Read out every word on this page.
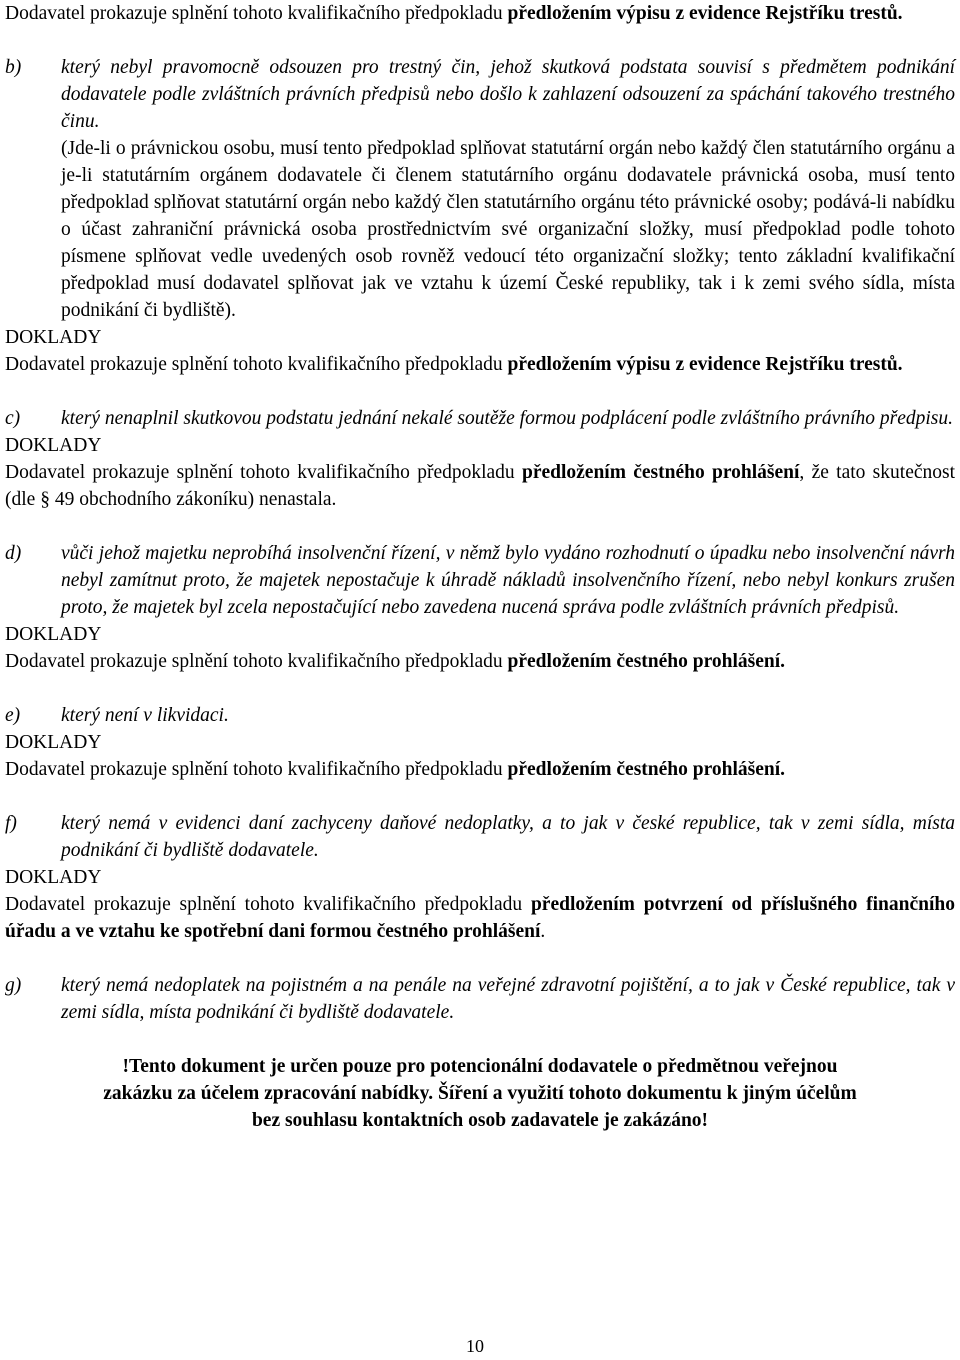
Dodavatel prokazuje splnění tohoto kvalifikačního předpokladu předložením výpisu z evidence Rejstříku trestů.

b)	který nebyl pravomocně odsouzen pro trestný čin, jehož skutková podstata souvisí s předmětem podnikání dodavatele podle zvláštních právních předpisů nebo došlo k zahlazení odsouzení za spáchání takového trestného činu.

(Jde-li o právnickou osobu, musí tento předpoklad splňovat statutární orgán nebo každý člen statutárního orgánu a je-li statutárním orgánem dodavatele či členem statutárního orgánu dodavatele právnická osoba, musí tento předpoklad splňovat statutární orgán nebo každý člen statutárního orgánu této právnické osoby; podává-li nabídku o účast zahraniční právnická osoba prostřednictvím své organizační složky, musí předpoklad podle tohoto písmene splňovat vedle uvedených osob rovněž vedoucí této organizační složky; tento základní kvalifikační předpoklad musí dodavatel splňovat jak ve vztahu k území České republiky, tak i k zemi svého sídla, místa podnikání či bydliště).

DOKLADY

Dodavatel prokazuje splnění tohoto kvalifikačního předpokladu předložením výpisu z evidence Rejstříku trestů.

c)	který nenaplnil skutkovou podstatu jednání nekalé soutěže formou podplácení podle zvláštního právního předpisu.

DOKLADY

Dodavatel prokazuje splnění tohoto kvalifikačního předpokladu předložením čestného prohlášení, že tato skutečnost (dle § 49 obchodního zákoníku) nenastala.

d)	vůči jehož majetku neprobíhá insolvenční řízení, v němž bylo vydáno rozhodnutí o úpadku nebo insolvenční návrh nebyl zamítnut proto, že majetek nepostačuje k úhradě nákladů insolvenčního řízení, nebo nebyl konkurs zrušen proto, že majetek byl zcela nepostačující nebo zavedena nucená správa podle zvláštních právních předpisů.

DOKLADY

Dodavatel prokazuje splnění tohoto kvalifikačního předpokladu předložením čestného prohlášení.

e)	který není v likvidaci.

DOKLADY

Dodavatel prokazuje splnění tohoto kvalifikačního předpokladu předložením čestného prohlášení.

f)	který nemá v evidenci daní zachyceny daňové nedoplatky, a to jak v české republice, tak v zemi sídla, místa podnikání či bydliště dodavatele.

DOKLADY

Dodavatel prokazuje splnění tohoto kvalifikačního předpokladu předložením potvrzení od příslušného finančního úřadu a ve vztahu ke spotřební dani formou čestného prohlášení.

g)	který nemá nedoplatek na pojistném a na penále na veřejné zdravotní pojištění, a to jak v České republice, tak v zemi sídla, místa podnikání či bydliště dodavatele.

!Tento dokument je určen pouze pro potencionální dodavatele o předmětnou veřejnou

zakázku za účelem zpracování nabídky. Šíření a využití tohoto dokumentu k jiným účelům

bez souhlasu kontaktních osob zadavatele je zakázáno!

10
